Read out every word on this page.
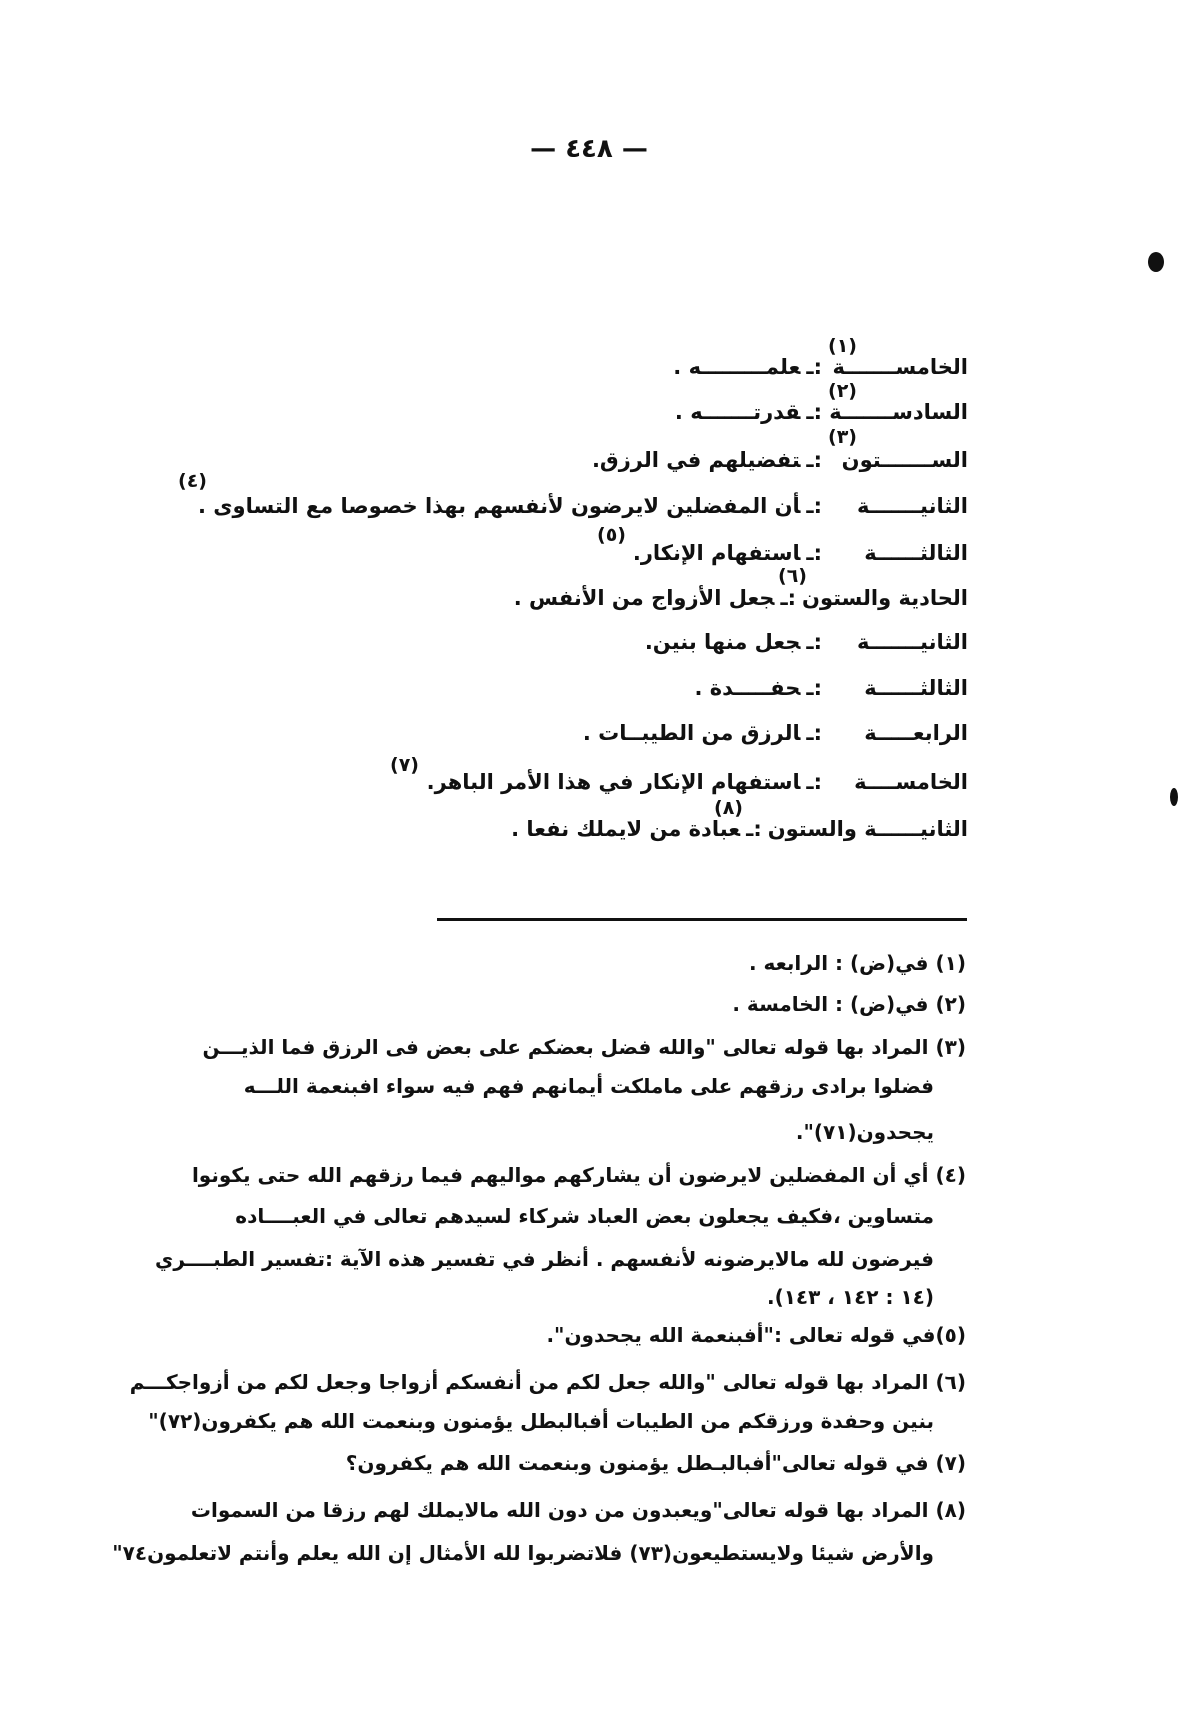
— ٤٤٨ —
الخامســـــــة:ـعلمـــــــــه .
السادســـــــة:ـقدرتـــــــه .
الســـــــتون:ـتفضيلهم في الرزق.
الثانيـــــــة:ـأن المفضلين لايرضون لأنفسهم بهذا خصوصا مع التساوى .
الثالثــــــة:ـاستفهام الإنكار.
الحادية والستون:ـجعل الأزواج من الأنفس .
الثانيـــــــة:ـجعل منها بنين.
الثالثــــــة:ـحفـــــدة .
الرابعـــــة:ـالرزق من الطيبــات .
الخامســــة:ـاستفهام الإنكار في هذا الأمر الباهر.
الثانيــــــة والستون:ـعبادة من لايملك نفعا .
(١)
(٢)
(٣)
(٤)
(٥)
(٦)
(٧)
(٨)
(١) في(ض) : الرابعه .
(٢) في(ض) : الخامسة .
(٣) المراد بها قوله تعالى "والله فضل بعضكم على بعض فى الرزق فما الذيـــن
فضلوا برادى رزقهم على ماملكت أيمانهم فهم فيه سواء افبنعمة اللـــه
يجحدون(٧١)".
(٤) أي أن المفضلين لايرضون أن يشاركهم مواليهم فيما رزقهم الله حتى يكونوا
متساوين ،فكيف يجعلون بعض العباد شركاء لسيدهم تعالى في العبــــاده
فيرضون لله مالايرضونه لأنفسهم . أنظر في تفسير هذه الآية :تفسير الطبــــري
(١٤ : ١٤٢ ، ١٤٣).
(٥)في قوله تعالى :"أفبنعمة الله يجحدون".
(٦) المراد بها قوله تعالى "والله جعل لكم من أنفسكم أزواجا وجعل لكم من أزواجكـــم
بنين وحفدة ورزقكم من الطيبات أفبالبطل يؤمنون وبنعمت الله هم يكفرون(٧٢)"
(٧) في قوله تعالى"أفبالبـطل يؤمنون وبنعمت الله هم يكفرون؟
(٨) المراد بها قوله تعالى"ويعبدون من دون الله مالايملك لهم رزقا من السموات
والأرض شيئا ولايستطيعون(٧٣) فلاتضربوا لله الأمثال إن الله يعلم وأنتم لاتعلمون٧٤"
